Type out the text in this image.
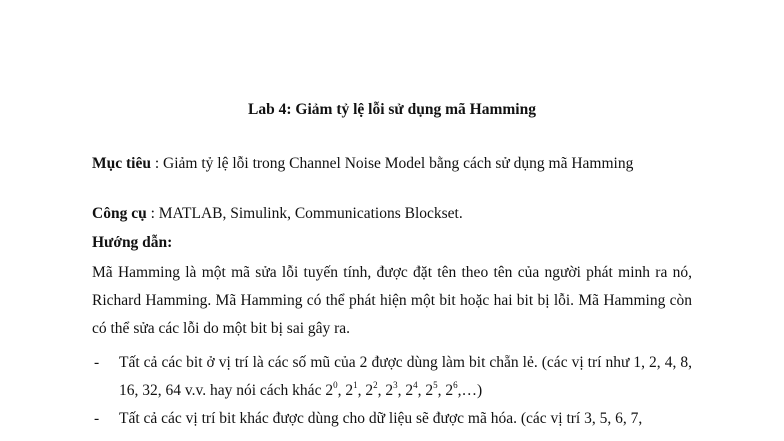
Lab 4: Giảm tỷ lệ lỗi sử dụng mã Hamming
Mục tiêu : Giảm tỷ lệ lỗi trong Channel Noise Model bằng cách sử dụng mã Hamming
Công cụ : MATLAB, Simulink, Communications Blockset.
Hướng dẫn:
Mã Hamming là một mã sửa lỗi tuyến tính, được đặt tên theo tên của người phát minh ra nó, Richard Hamming. Mã Hamming có thể phát hiện một bit hoặc hai bit bị lỗi. Mã Hamming còn có thể sửa các lỗi do một bit bị sai gây ra.
- Tất cả các bit ở vị trí là các số mũ của 2 được dùng làm bit chẵn lẻ. (các vị trí như 1, 2, 4, 8, 16, 32, 64 v.v. hay nói cách khác $2^0$, $2^1$, $2^2$, $2^3$, $2^4$, $2^5$, $2^6,\dots$)
- Tất cả các vị trí bit khác được dùng cho dữ liệu sẽ được mã hóa. (các vị trí 3, 5, 6, 7,
